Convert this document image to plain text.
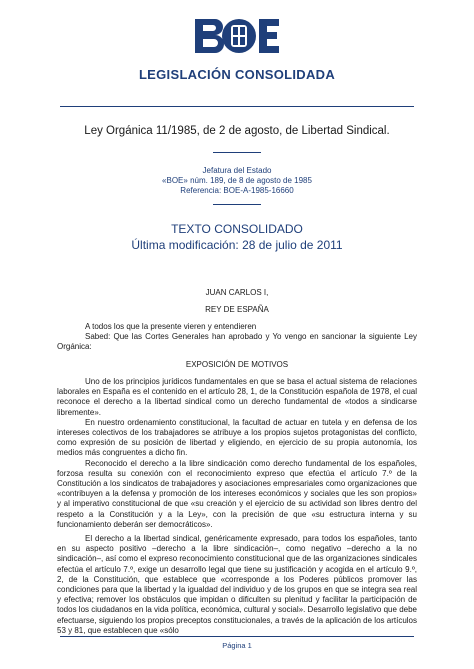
LEGISLACIÓN CONSOLIDADA
Ley Orgánica 11/1985, de 2 de agosto, de Libertad Sindical.
Jefatura del Estado
«BOE» núm. 189, de 8 de agosto de 1985
Referencia: BOE-A-1985-16660
TEXTO CONSOLIDADO
Última modificación: 28 de julio de 2011
JUAN CARLOS I,
REY DE ESPAÑA

A todos los que la presente vieren y entendieren

Sabed: Que las Cortes Generales han aprobado y Yo vengo en sancionar la siguiente Ley Orgánica:

EXPOSICIÓN DE MOTIVOS

Uno de los principios jurídicos fundamentales en que se basa el actual sistema de relaciones laborales en España es el contenido en el artículo 28, 1, de la Constitución española de 1978, el cual reconoce el derecho a la libertad sindical como un derecho fundamental de «todos a sindicarse libremente».

En nuestro ordenamiento constitucional, la facultad de actuar en tutela y en defensa de los intereses colectivos de los trabajadores se atribuye a los propios sujetos protagonistas del conflicto, como expresión de su posición de libertad y eligiendo, en ejercicio de su propia autonomía, los medios más congruentes a dicho fin.

Reconocido el derecho a la libre sindicación como derecho fundamental de los españoles, forzosa resulta su conexión con el reconocimiento expreso que efectúa el artículo 7.º de la Constitución a los sindicatos de trabajadores y asociaciones empresariales como organizaciones que «contribuyen a la defensa y promoción de los intereses económicos y sociales que les son propios» y al imperativo constitucional de que «su creación y el ejercicio de su actividad son libres dentro del respeto a la Constitución y a la Ley», con la precisión de que «su estructura interna y su funcionamiento deberán ser democráticos».

El derecho a la libertad sindical, genéricamente expresado, para todos los españoles, tanto en su aspecto positivo –derecho a la libre sindicación–, como negativo –derecho a la no sindicación–, así como el expreso reconocimiento constitucional que de las organizaciones sindicales efectúa el artículo 7.º, exige un desarrollo legal que tiene su justificación y acogida en el artículo 9.º, 2, de la Constitución, que establece que «corresponde a los Poderes públicos promover las condiciones para que la libertad y la igualdad del individuo y de los grupos en que se integra sea real y efectiva; remover los obstáculos que impidan o dificulten su plenitud y facilitar la participación de todos los ciudadanos en la vida política, económica, cultural y social». Desarrollo legislativo que debe efectuarse, siguiendo los propios preceptos constitucionales, a través de la aplicación de los artículos 53 y 81, que establecen que «sólo

Página 1
